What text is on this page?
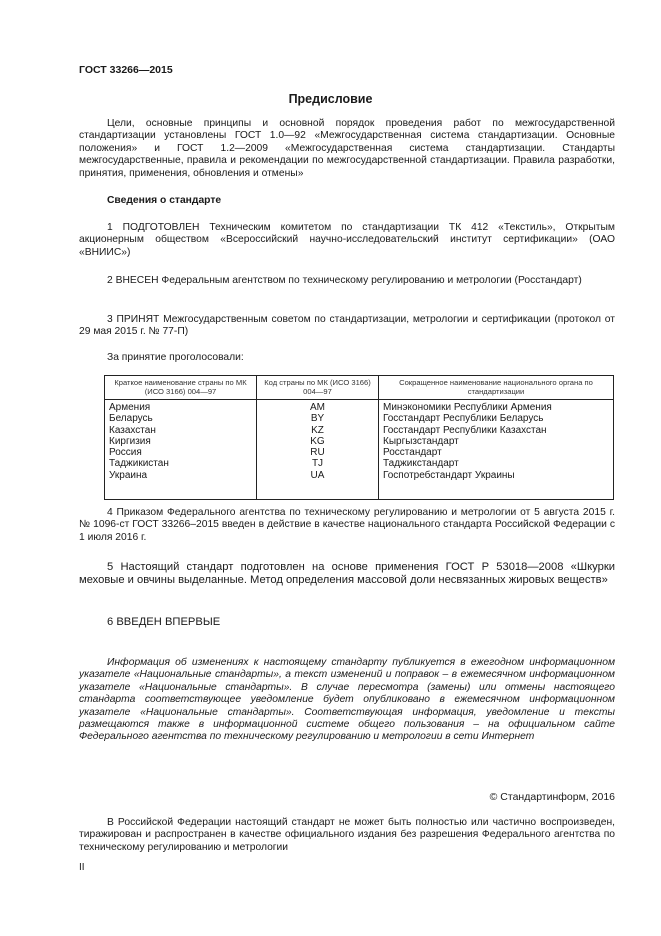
ГОСТ 33266—2015
Предисловие

Цели, основные принципы и основной порядок проведения работ по межгосударственной стандартизации установлены ГОСТ 1.0—92 «Межгосударственная система стандартизации. Основные положения» и ГОСТ 1.2—2009 «Межгосударственная система стандартизации. Стандарты межгосударственные, правила и рекомендации по межгосударственной стандартизации. Правила разработки, принятия, применения, обновления и отмены»

Сведения о стандарте

1 ПОДГОТОВЛЕН Техническим комитетом по стандартизации ТК 412 «Текстиль», Открытым акционерным обществом «Всероссийский научно-исследовательский институт сертификации» (ОАО «ВНИИС»)

2 ВНЕСЕН Федеральным агентством по техническому регулированию и метрологии (Росстандарт)

3 ПРИНЯТ Межгосударственным советом по стандартизации, метрологии и сертификации (протокол от 29 мая 2015 г. № 77-П)

За принятие проголосовали:

Краткое наименование страны по МК (ИСО 3166) 004—97	Код страны по МК (ИСО 3166) 004—97	Сокращенное наименование национального органа по стандартизации
Армения	AM	Минэкономики Республики Армения
Беларусь	BY	Госстандарт Республики Беларусь
Казахстан	KZ	Госстандарт Республики Казахстан
Киргизия	KG	Кыргызстандарт
Россия	RU	Росстандарт
Таджикистан	TJ	Таджикстандарт
Украина	UA	Госпотребстандарт Украины

4 Приказом Федерального агентства по техническому регулированию и метрологии от 5 августа 2015 г. № 1096-ст ГОСТ 33266–2015 введен в действие в качестве национального стандарта Российской Федерации с 1 июля 2016 г.

5 Настоящий стандарт подготовлен на основе применения ГОСТ Р 53018—2008 «Шкурки меховые и овчины выделанные. Метод определения массовой доли несвязанных жировых веществ»

6 ВВЕДЕН ВПЕРВЫЕ

Информация об изменениях к настоящему стандарту публикуется в ежегодном информационном указателе «Национальные стандарты», а текст изменений и поправок – в ежемесячном информационном указателе «Национальные стандарты». В случае пересмотра (замены) или отмены настоящего стандарта соответствующее уведомление будет опубликовано в ежемесячном информационном указателе «Национальные стандарты». Соответствующая информация, уведомление и тексты размещаются также в информационной системе общего пользования – на официальном сайте Федерального агентства по техническому регулированию и метрологии в сети Интернет

© Стандартинформ, 2016

В Российской Федерации настоящий стандарт не может быть полностью или частично воспроизведен, тиражирован и распространен в качестве официального издания без разрешения Федерального агентства по техническому регулированию и метрологии

II
